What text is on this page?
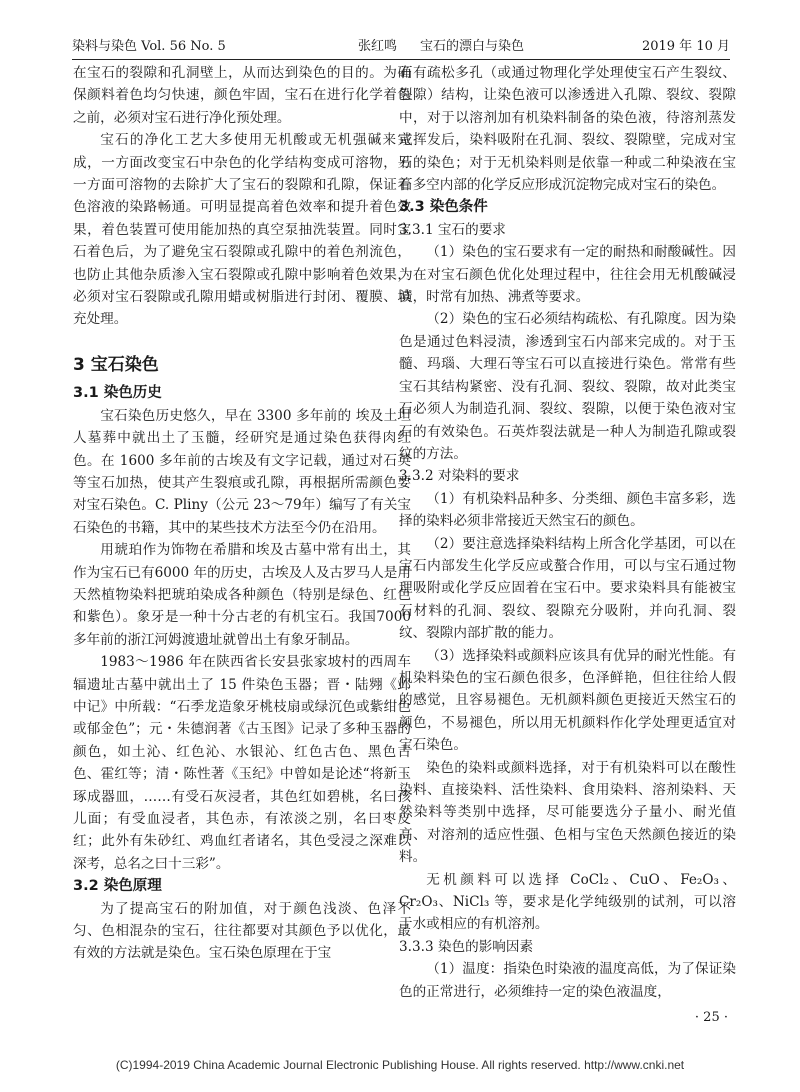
染料与染色 Vol. 56 No. 5	张红鸣 宝石的漂白与染色	2019 年 10 月

在宝石的裂隙和孔洞壁上，从而达到染色的目的。为确保颜料着色均匀快速，颜色牢固，宝石在进行化学着色之前，必须对宝石进行净化预处理。

宝石的净化工艺大多使用无机酸或无机强碱来完成，一方面改变宝石中杂色的化学结构变成可溶物，另一方面可溶物的去除扩大了宝石的裂隙和孔隙，保证着色溶液的染路畅通。可明显提高着色效率和提升着色效果，着色装置可使用能加热的真空泵抽洗装置。同时宝石着色后，为了避免宝石裂隙或孔隙中的着色剂流色，也防止其他杂质渗入宝石裂隙或孔隙中影响着色效果，必须对宝石裂隙或孔隙用蜡或树脂进行封闭、覆膜、填充处理。

3 宝石染色
3.1 染色历史

宝石染色历史悠久，早在 3300 多年前的 埃及土坦人墓葬中就出土了玉髓，经研究是通过染色获得肉红色。在 1600 多年前的古埃及有文字记载，通过对石英等宝石加热，使其产生裂痕或孔隙，再根据所需颜色要对宝石染色。C. Pliny（公元 23～79年）编写了有关宝石染色的书籍，其中的某些技术方法至今仍在沿用。

用琥珀作为饰物在希腊和埃及古墓中常有出土，其作为宝石已有6000 年的历史，古埃及人及古罗马人是用天然植物染料把琥珀染成各种颜色（特别是绿色、红色和紫色）。象牙是一种十分古老的有机宝石。我国7000 多年前的浙江河姆渡遗址就曾出土有象牙制品。

1983～1986 年在陕西省长安县张家坡村的西周车辐遗址古墓中就出土了 15 件染色玉器；晋・陆翙《邺中记》中所载：“石季龙造象牙桃枝扇或绿沉色或紫绀色或郁金色”；元・朱德润著《古玉图》记录了多种玉器的颜色，如土沁、红色沁、水银沁、红色古色、黑色古色、霍红等；清・陈性著《玉纪》中曾如是论述“将新玉琢成器皿，……有受石灰浸者，其色红如碧桃，名曰孩儿面；有受血浸者，其色赤，有浓淡之别，名曰枣皮红；此外有朱砂红、鸡血红者诸名，其色受浸之深难以深考，总名之曰十三彩”。

3.2 染色原理

为了提高宝石的附加值，对于颜色浅淡、色泽不匀、色相混杂的宝石，往往都要对其颜色予以优化，最有效的方法就是染色。宝石染色原理在于宝

石有疏松多孔（或通过物理化学处理使宝石产生裂纹、裂隙）结构，让染色液可以渗透进入孔隙、裂纹、裂隙中，对于以溶剂加有机染料制备的染色液，待溶剂蒸发或挥发后，染料吸附在孔洞、裂纹、裂隙壁，完成对宝石的染色；对于无机染料则是依靠一种或二种染液在宝石多空内部的化学反应形成沉淀物完成对宝石的染色。

3.3 染色条件
3.3.1 宝石的要求

（1）染色的宝石要求有一定的耐热和耐酸碱性。因为在对宝石颜色优化处理过程中，往往会用无机酸碱浸渍，时常有加热、沸煮等要求。

（2）染色的宝石必须结构疏松、有孔隙度。因为染色是通过色料浸渍，渗透到宝石内部来完成的。对于玉髓、玛瑙、大理石等宝石可以直接进行染色。常常有些宝石其结构紧密、没有孔洞、裂纹、裂隙，故对此类宝石必须人为制造孔洞、裂纹、裂隙，以便于染色液对宝石的有效染色。石英炸裂法就是一种人为制造孔隙或裂纹的方法。

3.3.2 对染料的要求

（1）有机染料品种多、分类细、颜色丰富多彩，选择的染料必须非常接近天然宝石的颜色。

（2）要注意选择染料结构上所含化学基团，可以在宝石内部发生化学反应或螯合作用，可以与宝石通过物理吸附或化学反应固着在宝石中。要求染料具有能被宝石材料的孔洞、裂纹、裂隙充分吸附，并向孔洞、裂纹、裂隙内部扩散的能力。

（3）选择染料或颜料应该具有优异的耐光性能。有机染料染色的宝石颜色很多，色泽鲜艳，但往往给人假的感觉，且容易褪色。无机颜料颜色更接近天然宝石的颜色，不易褪色，所以用无机颜料作化学处理更适宜对宝石染色。

染色的染料或颜料选择，对于有机染料可以在酸性染料、直接染料、活性染料、食用染料、溶剂染料、天然染料等类别中选择，尽可能要选分子量小、耐光值高、对溶剂的适应性强、色相与宝色天然颜色接近的染料。

无机颜料可以选择 CoCl₂、CuO、Fe₂O₃、Cr₂O₃、NiCl₃ 等，要求是化学纯级别的试剂，可以溶于水或相应的有机溶剂。

3.3.3 染色的影响因素

（1）温度：指染色时染液的温度高低，为了保证染色的正常进行，必须维持一定的染色液温度，

· 25 ·
(C)1994-2019 China Academic Journal Electronic Publishing House. All rights reserved. http://www.cnki.net
